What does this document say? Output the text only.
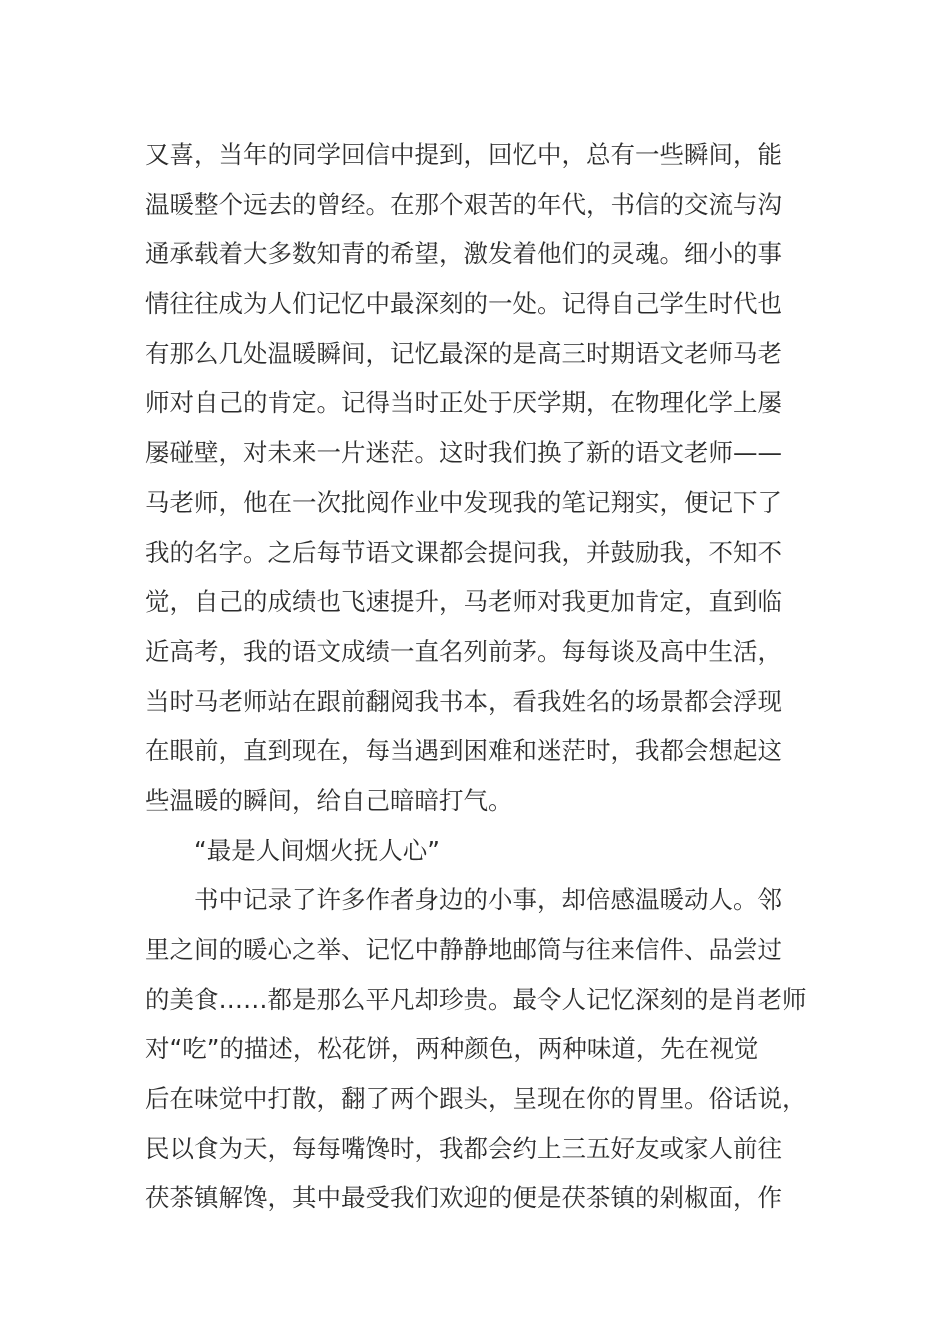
又喜，当年的同学回信中提到，回忆中，总有一些瞬间，能
温暖整个远去的曾经。在那个艰苦的年代，书信的交流与沟
通承载着大多数知青的希望，激发着他们的灵魂。细小的事
情往往成为人们记忆中最深刻的一处。记得自己学生时代也
有那么几处温暖瞬间，记忆最深的是高三时期语文老师马老
师对自己的肯定。记得当时正处于厌学期，在物理化学上屡
屡碰壁，对未来一片迷茫。这时我们换了新的语文老师——
马老师，他在一次批阅作业中发现我的笔记翔实，便记下了
我的名字。之后每节语文课都会提问我，并鼓励我，不知不
觉，自己的成绩也飞速提升，马老师对我更加肯定，直到临
近高考，我的语文成绩一直名列前茅。每每谈及高中生活，
当时马老师站在跟前翻阅我书本，看我姓名的场景都会浮现
在眼前，直到现在，每当遇到困难和迷茫时，我都会想起这
些温暖的瞬间，给自己暗暗打气。
“最是人间烟火抚人心”
书中记录了许多作者身边的小事，却倍感温暖动人。邻
里之间的暖心之举、记忆中静静地邮筒与往来信件、品尝过
的美食……都是那么平凡却珍贵。最令人记忆深刻的是肖老师
对“吃”的描述，松花饼，两种颜色，两种味道，先在视觉
后在味觉中打散，翻了两个跟头，呈现在你的胃里。俗话说，
民以食为天，每每嘴馋时，我都会约上三五好友或家人前往
茯茶镇解馋，其中最受我们欢迎的便是茯茶镇的剁椒面，作
